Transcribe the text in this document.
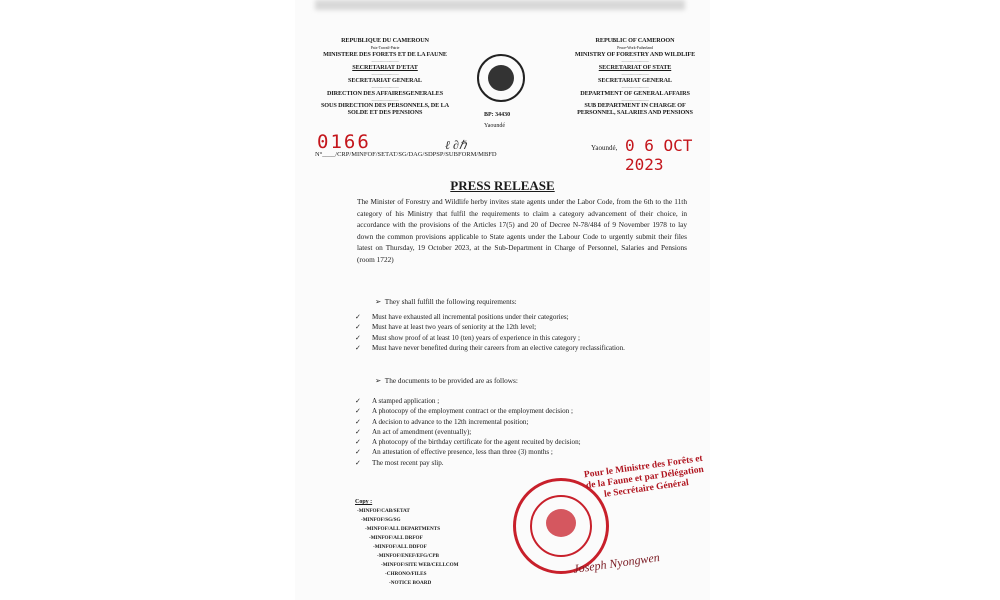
REPUBLIQUE DU CAMEROUN
Paix-Travail-Patrie
MINISTERE DES FORETS ET DE LA FAUNE
..............................
SECRETARIAT D'ETAT
..............................
SECRETARIAT GENERAL
..............................
DIRECTION DES AFFAIRESGENERALES
..............................
SOUS DIRECTION DES PERSONNELS, DE LA SOLDE ET DES PENSIONS	BP: 34430
Yaoundé
REPUBLIC OF CAMEROON
Peace-Work-Fatherland
MINISTRY OF FORESTRY AND WILDLIFE
..............................
SECRETARIAT OF STATE
..............................
SECRETARIAT GENERAL
..............................
DEPARTMENT OF GENERAL AFFAIRS
..............................
SUB DEPARTMENT IN CHARGE OF PERSONNEL, SALARIES AND PENSIONS
0166
N°____/CRP/MINFOF/SETAT/SG/DAG/SDPSP/SUBFORM/MBFD
ℓ ∂ℏ	Yaoundé, 0 6 OCT 2023
PRESS RELEASE
The Minister of Forestry and Wildlife herby invites state agents under the Labor Code, from the 6th to the 11th category of his Ministry that fulfil the requirements to claim a category advancement of their choice, in accordance with the provisions of the Articles 17(5) and 20 of Decree N-78/484 of 9 November 1978 to lay down the common provisions applicable to State agents under the Labour Code to urgently submit their files latest on Thursday, 19 October 2023, at the Sub-Department in Charge of Personnel, Salaries and Pensions (room 1722)
➢  They shall fulfill the following requirements:
✓ Must have exhausted all incremental positions under their categories;
✓ Must have at least two years of seniority at the 12th level;
✓ Must show proof of at least 10 (ten) years of experience in this category ;
✓ Must have never benefited during their careers from an elective category reclassification.
➢  The documents to be provided are as follows:
✓ A stamped application ;
✓ A photocopy of the employment contract or the employment decision ;
✓ A decision to advance to the 12th incremental position;
✓ An act of amendment (eventually);
✓ A photocopy of the birthday certificate for the agent recuited by decision;
✓ An attestation of effective presence, less than three (3) months ;
✓ The most recent pay slip.
Copy :
-MINFOF/CAB/SETAT
-MINFOF/SG/SG
-MINFOF/ALL DEPARTMENTS
-MINFOF/ALL DRFOF
-MINFOF/ALL DDFOF
-MINFOF/ENEF/EFG/CPB
-MINFOF/SITE WEB/CELLCOM
-CHRONO/FILES
-NOTICE BOARD
Pour le Ministre des Forêts et de la Faune et par Délégation le Secrétaire Général
Joseph Nyongwen
